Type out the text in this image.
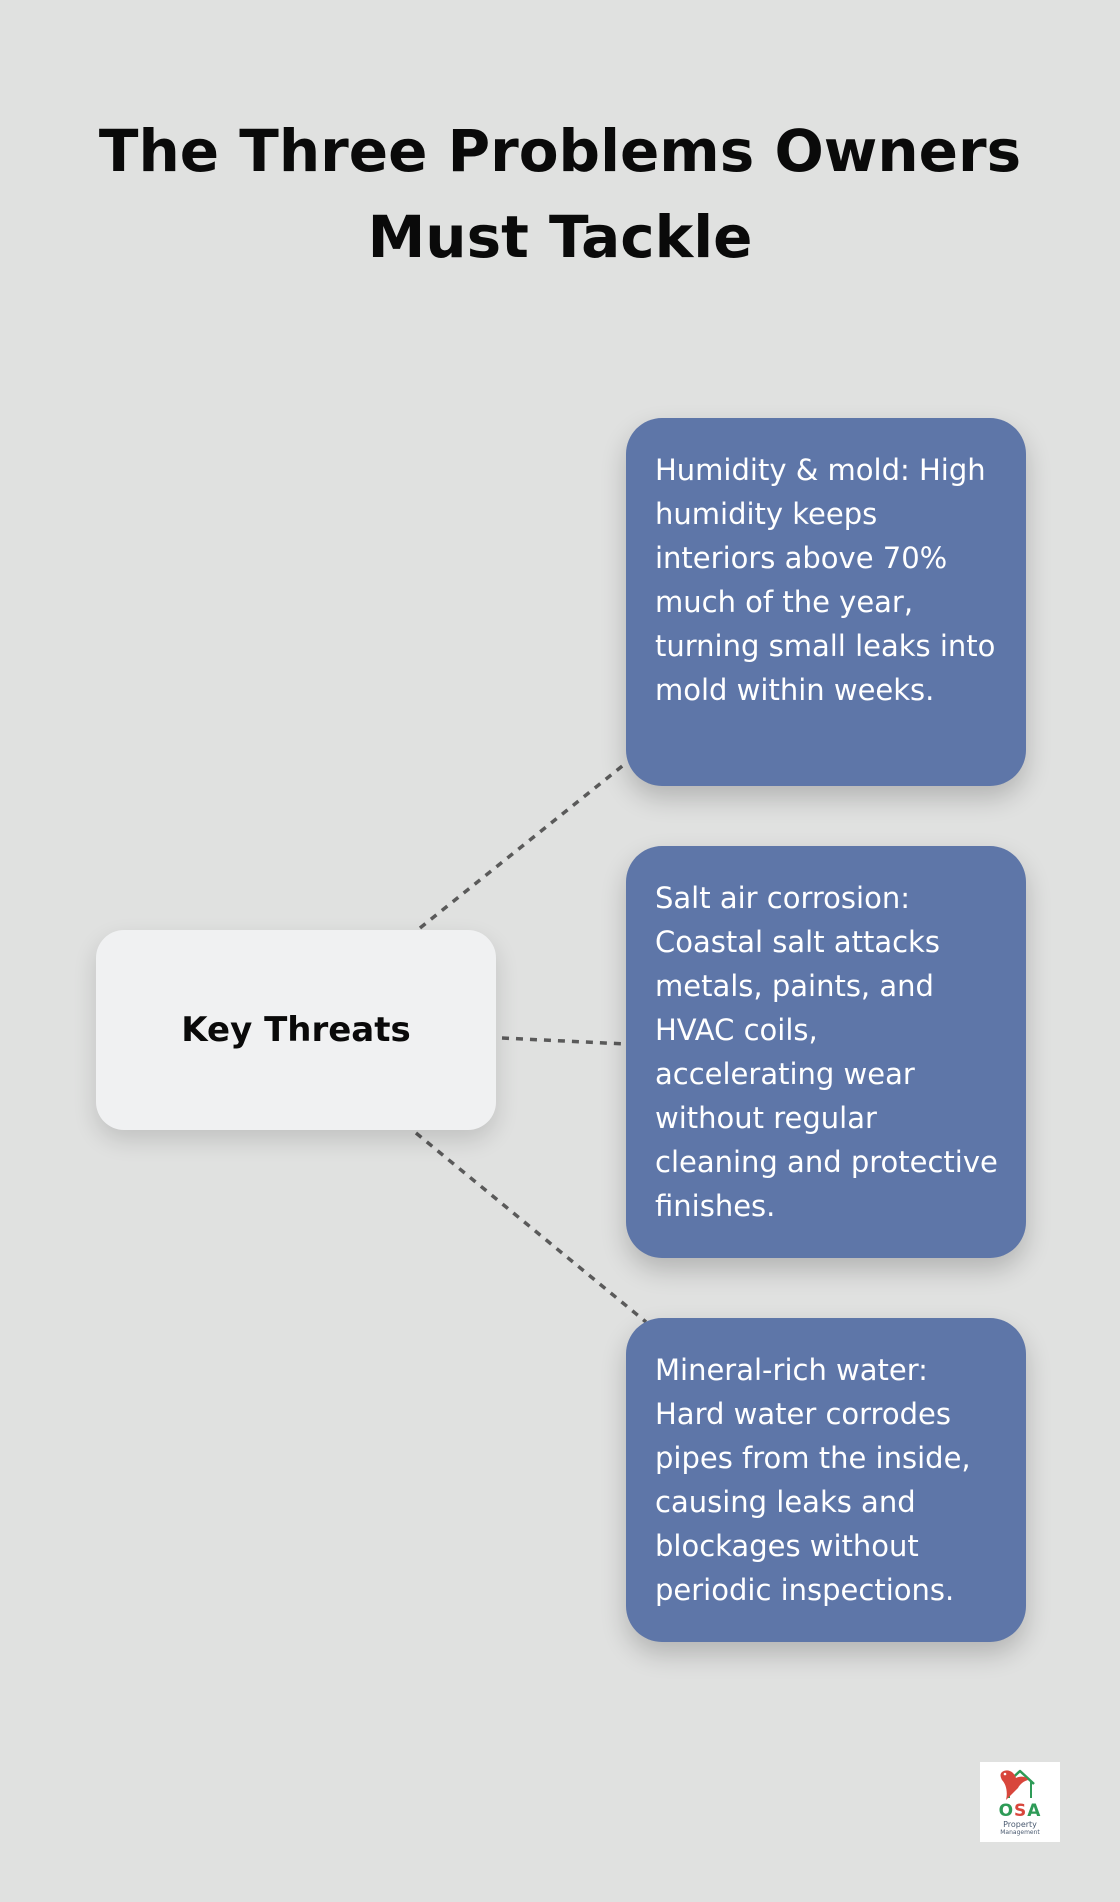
The Three Problems Owners Must Tackle
Key Threats
Humidity & mold: High humidity keeps interiors above 70% much of the year, turning small leaks into mold within weeks.
Salt air corrosion: Coastal salt attacks metals, paints, and HVAC coils, accelerating wear without regular cleaning and protective finishes.
Mineral-rich water: Hard water corrodes pipes from the inside, causing leaks and blockages without periodic inspections.
OSA
Property
Management
